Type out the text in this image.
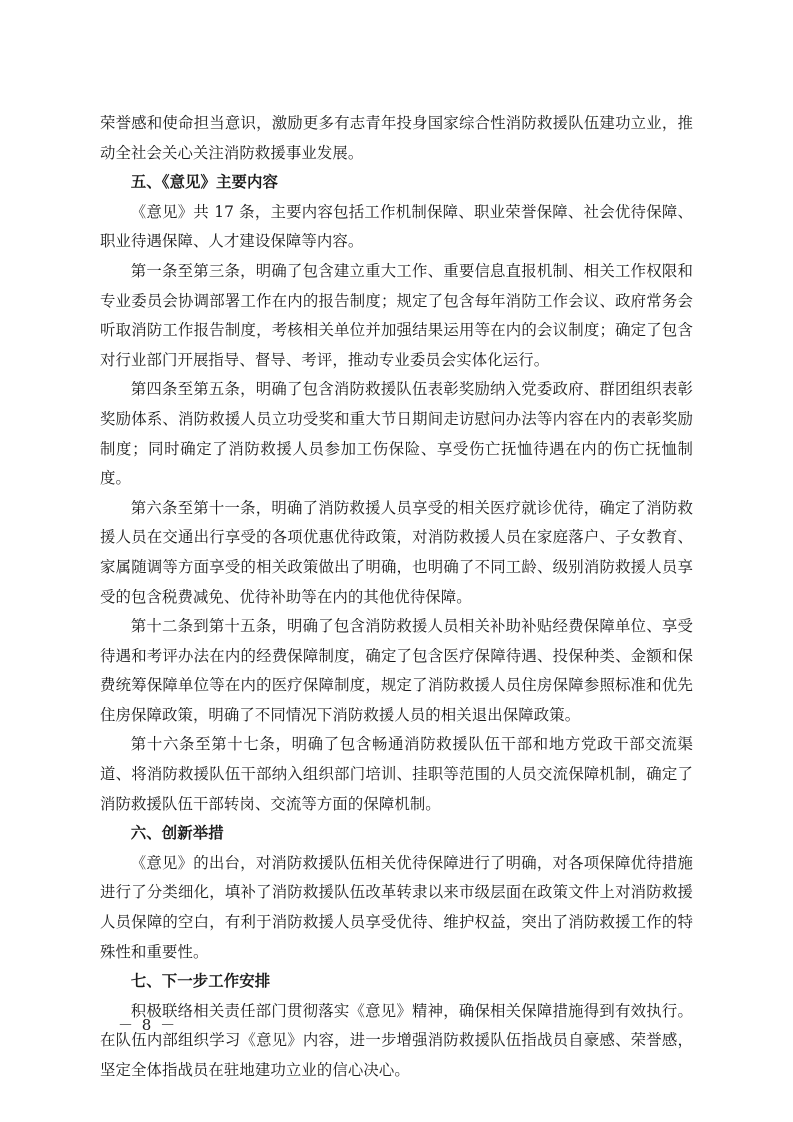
荣誉感和使命担当意识，激励更多有志青年投身国家综合性消防救援队伍建功立业，推动全社会关心关注消防救援事业发展。

五、《意见》主要内容

《意见》共 17 条，主要内容包括工作机制保障、职业荣誉保障、社会优待保障、职业待遇保障、人才建设保障等内容。

第一条至第三条，明确了包含建立重大工作、重要信息直报机制、相关工作权限和专业委员会协调部署工作在内的报告制度；规定了包含每年消防工作会议、政府常务会听取消防工作报告制度，考核相关单位并加强结果运用等在内的会议制度；确定了包含对行业部门开展指导、督导、考评，推动专业委员会实体化运行。

第四条至第五条，明确了包含消防救援队伍表彰奖励纳入党委政府、群团组织表彰奖励体系、消防救援人员立功受奖和重大节日期间走访慰问办法等内容在内的表彰奖励制度；同时确定了消防救援人员参加工伤保险、享受伤亡抚恤待遇在内的伤亡抚恤制度。

第六条至第十一条，明确了消防救援人员享受的相关医疗就诊优待，确定了消防救援人员在交通出行享受的各项优惠优待政策，对消防救援人员在家庭落户、子女教育、家属随调等方面享受的相关政策做出了明确，也明确了不同工龄、级别消防救援人员享受的包含税费减免、优待补助等在内的其他优待保障。

第十二条到第十五条，明确了包含消防救援人员相关补助补贴经费保障单位、享受待遇和考评办法在内的经费保障制度，确定了包含医疗保障待遇、投保种类、金额和保费统筹保障单位等在内的医疗保障制度，规定了消防救援人员住房保障参照标准和优先住房保障政策，明确了不同情况下消防救援人员的相关退出保障政策。

第十六条至第十七条，明确了包含畅通消防救援队伍干部和地方党政干部交流渠道、将消防救援队伍干部纳入组织部门培训、挂职等范围的人员交流保障机制，确定了消防救援队伍干部转岗、交流等方面的保障机制。

六、创新举措

《意见》的出台，对消防救援队伍相关优待保障进行了明确，对各项保障优待措施进行了分类细化，填补了消防救援队伍改革转隶以来市级层面在政策文件上对消防救援人员保障的空白，有利于消防救援人员享受优待、维护权益，突出了消防救援工作的特殊性和重要性。

七、下一步工作安排

积极联络相关责任部门贯彻落实《意见》精神，确保相关保障措施得到有效执行。在队伍内部组织学习《意见》内容，进一步增强消防救援队伍指战员自豪感、荣誉感，坚定全体指战员在驻地建功立业的信心决心。

－ 8 －
